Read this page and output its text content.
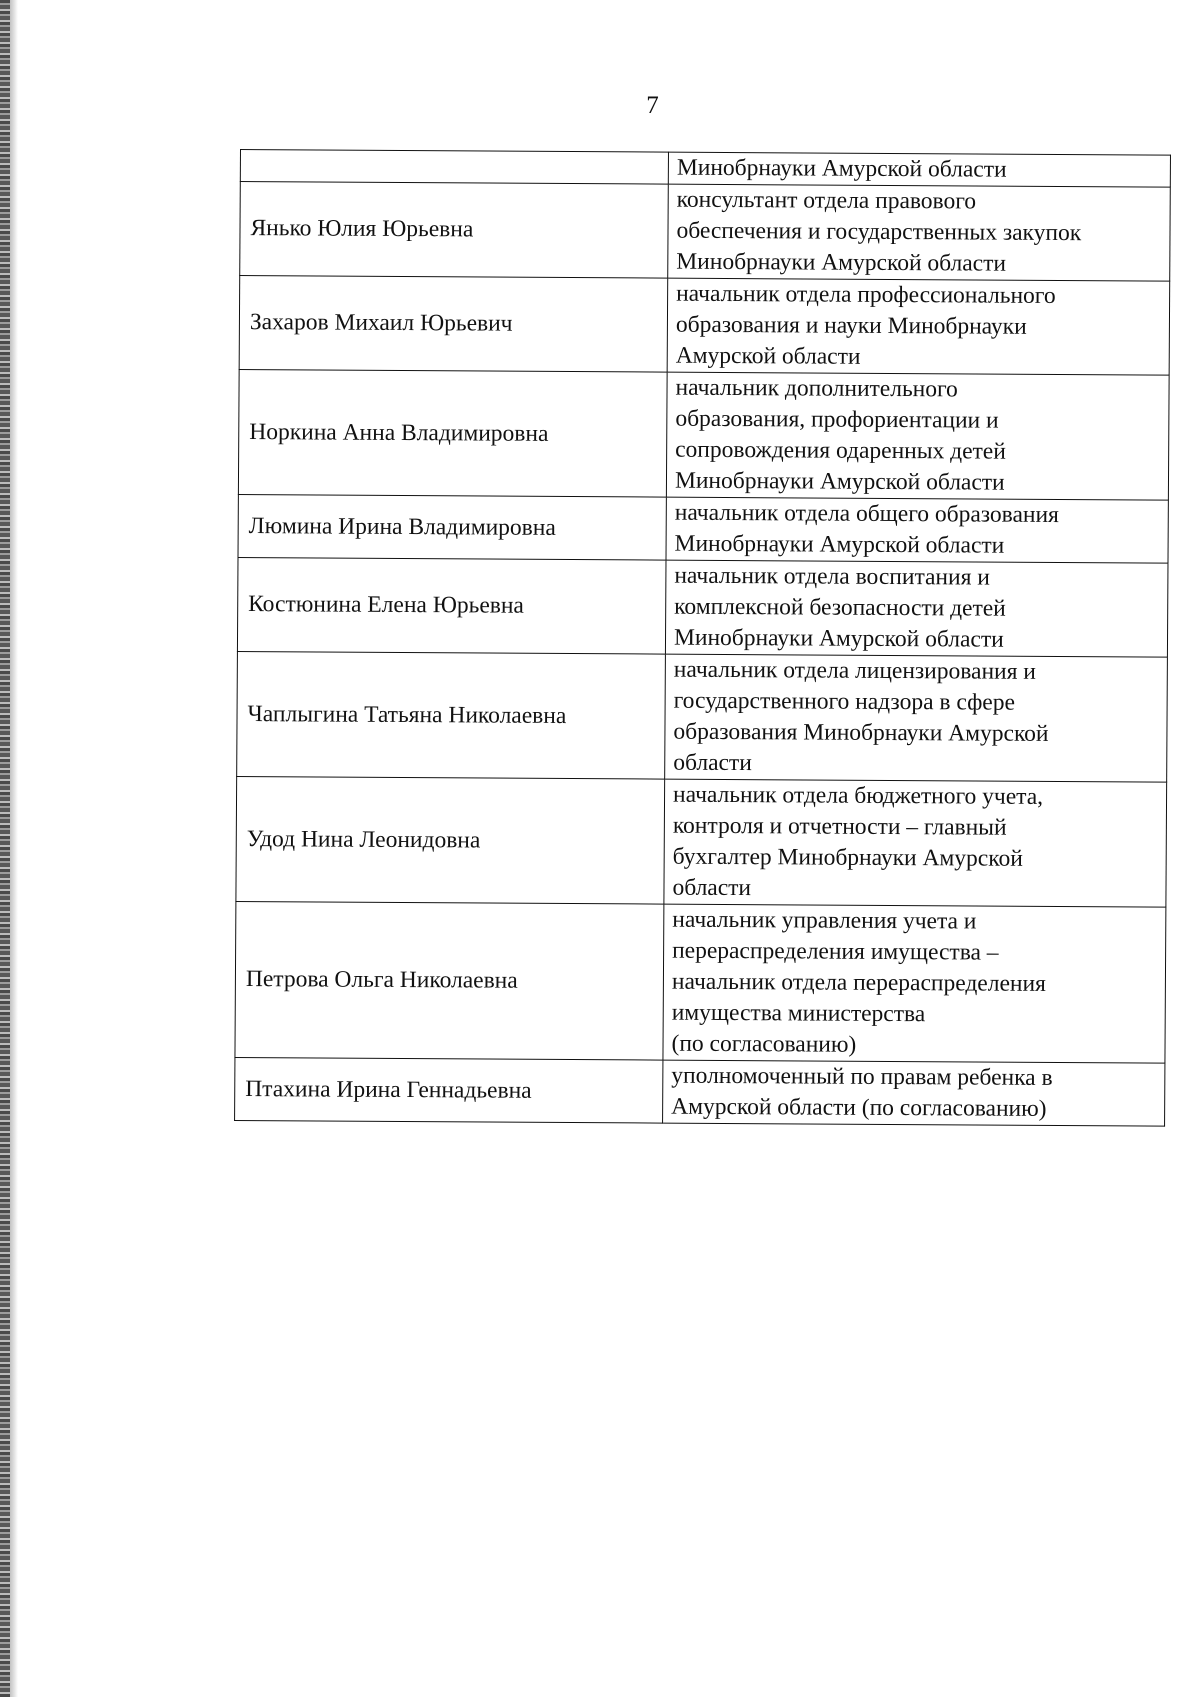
7
	Минобрнауки Амурской области
Янько Юлия Юрьевна	консультант отдела правового
обеспечения и государственных закупок
Минобрнауки Амурской области
Захаров Михаил Юрьевич	начальник отдела профессионального
образования и науки Минобрнауки
Амурской области
Норкина Анна Владимировна	начальник дополнительного
образования, профориентации и
сопровождения одаренных детей
Минобрнауки Амурской области
Люмина Ирина Владимировна	начальник отдела общего образования
Минобрнауки Амурской области
Костюнина Елена Юрьевна	начальник отдела воспитания и
комплексной безопасности детей
Минобрнауки Амурской области
Чаплыгина Татьяна Николаевна	начальник отдела лицензирования и
государственного надзора в сфере
образования Минобрнауки Амурской
области
Удод Нина Леонидовна	начальник отдела бюджетного учета,
контроля и отчетности – главный
бухгалтер Минобрнауки Амурской
области
Петрова Ольга Николаевна	начальник управления учета и
перераспределения имущества –
начальник отдела перераспределения
имущества министерства
(по согласованию)
Птахина Ирина Геннадьевна	уполномоченный по правам ребенка в
Амурской области (по согласованию)
